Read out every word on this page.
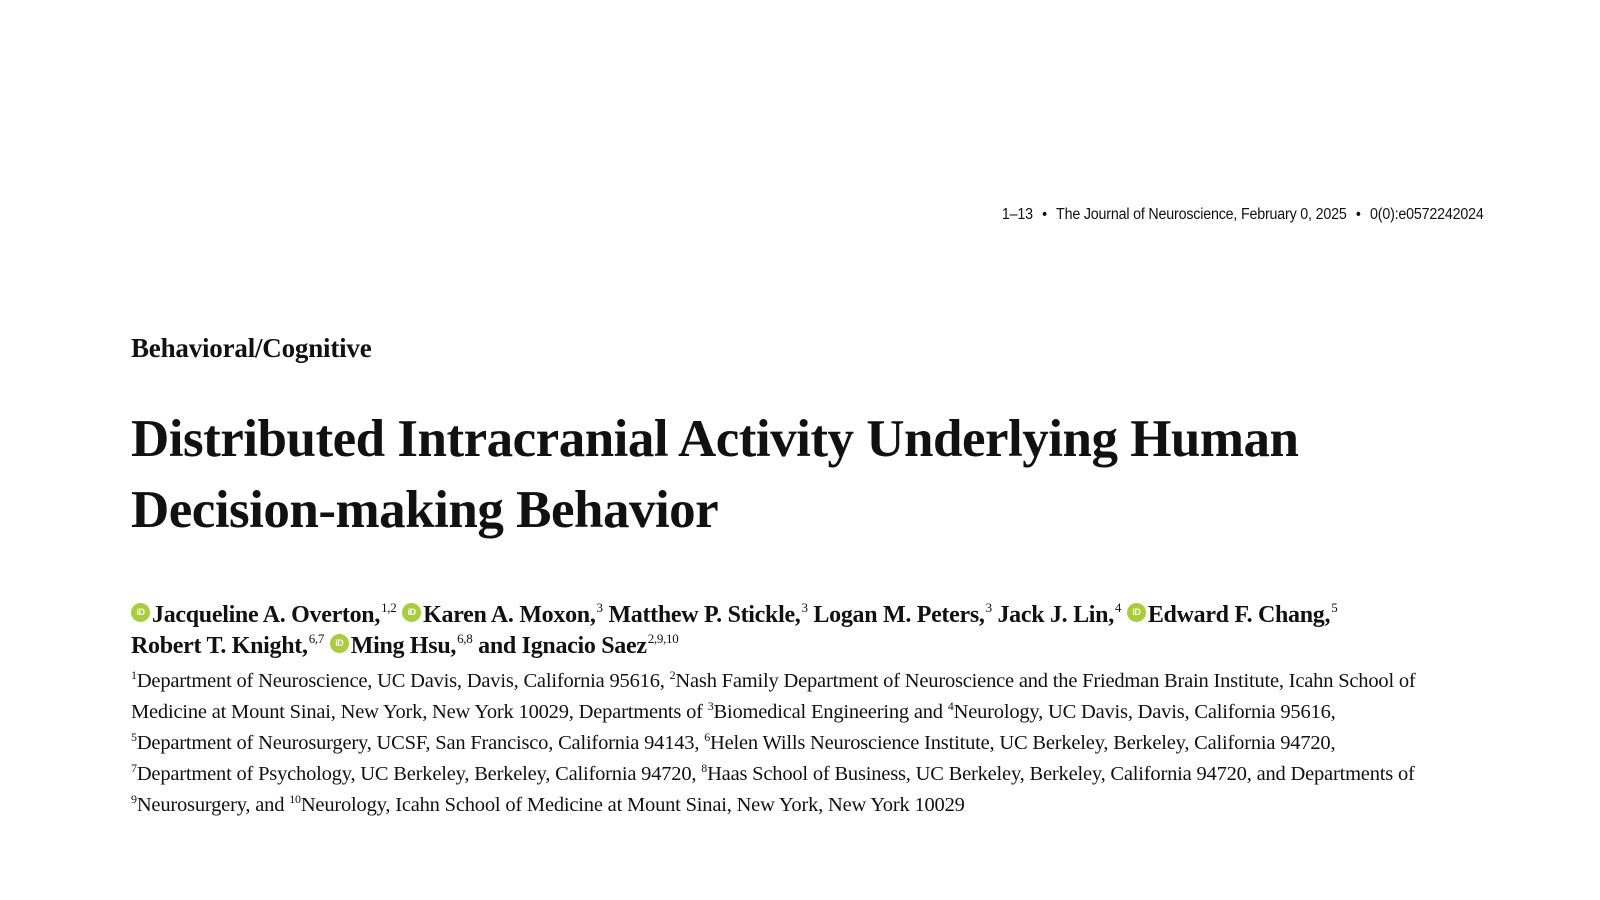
1–13 • The Journal of Neuroscience, February 0, 2025 • 0(0):e0572242024
Behavioral/Cognitive
Distributed Intracranial Activity Underlying Human Decision-making Behavior
iD Jacqueline A. Overton,$^{1,2}$ iD Karen A. Moxon,$^3$ Matthew P. Stickle,$^3$ Logan M. Peters,$^3$ Jack J. Lin,$^4$ iD Edward F. Chang,$^5$ Robert T. Knight,$^{6,7}$ iD Ming Hsu,$^{6,8}$ and Ignacio Saez$^{2,9,10}$
$^1$Department of Neuroscience, UC Davis, Davis, California 95616, $^2$Nash Family Department of Neuroscience and the Friedman Brain Institute, Icahn School of Medicine at Mount Sinai, New York, New York 10029, Departments of $^3$Biomedical Engineering and $^4$Neurology, UC Davis, Davis, California 95616, $^5$Department of Neurosurgery, UCSF, San Francisco, California 94143, $^6$Helen Wills Neuroscience Institute, UC Berkeley, Berkeley, California 94720, $^7$Department of Psychology, UC Berkeley, Berkeley, California 94720, $^8$Haas School of Business, UC Berkeley, Berkeley, California 94720, and Departments of $^9$Neurosurgery, and $^{10}$Neurology, Icahn School of Medicine at Mount Sinai, New York, New York 10029
